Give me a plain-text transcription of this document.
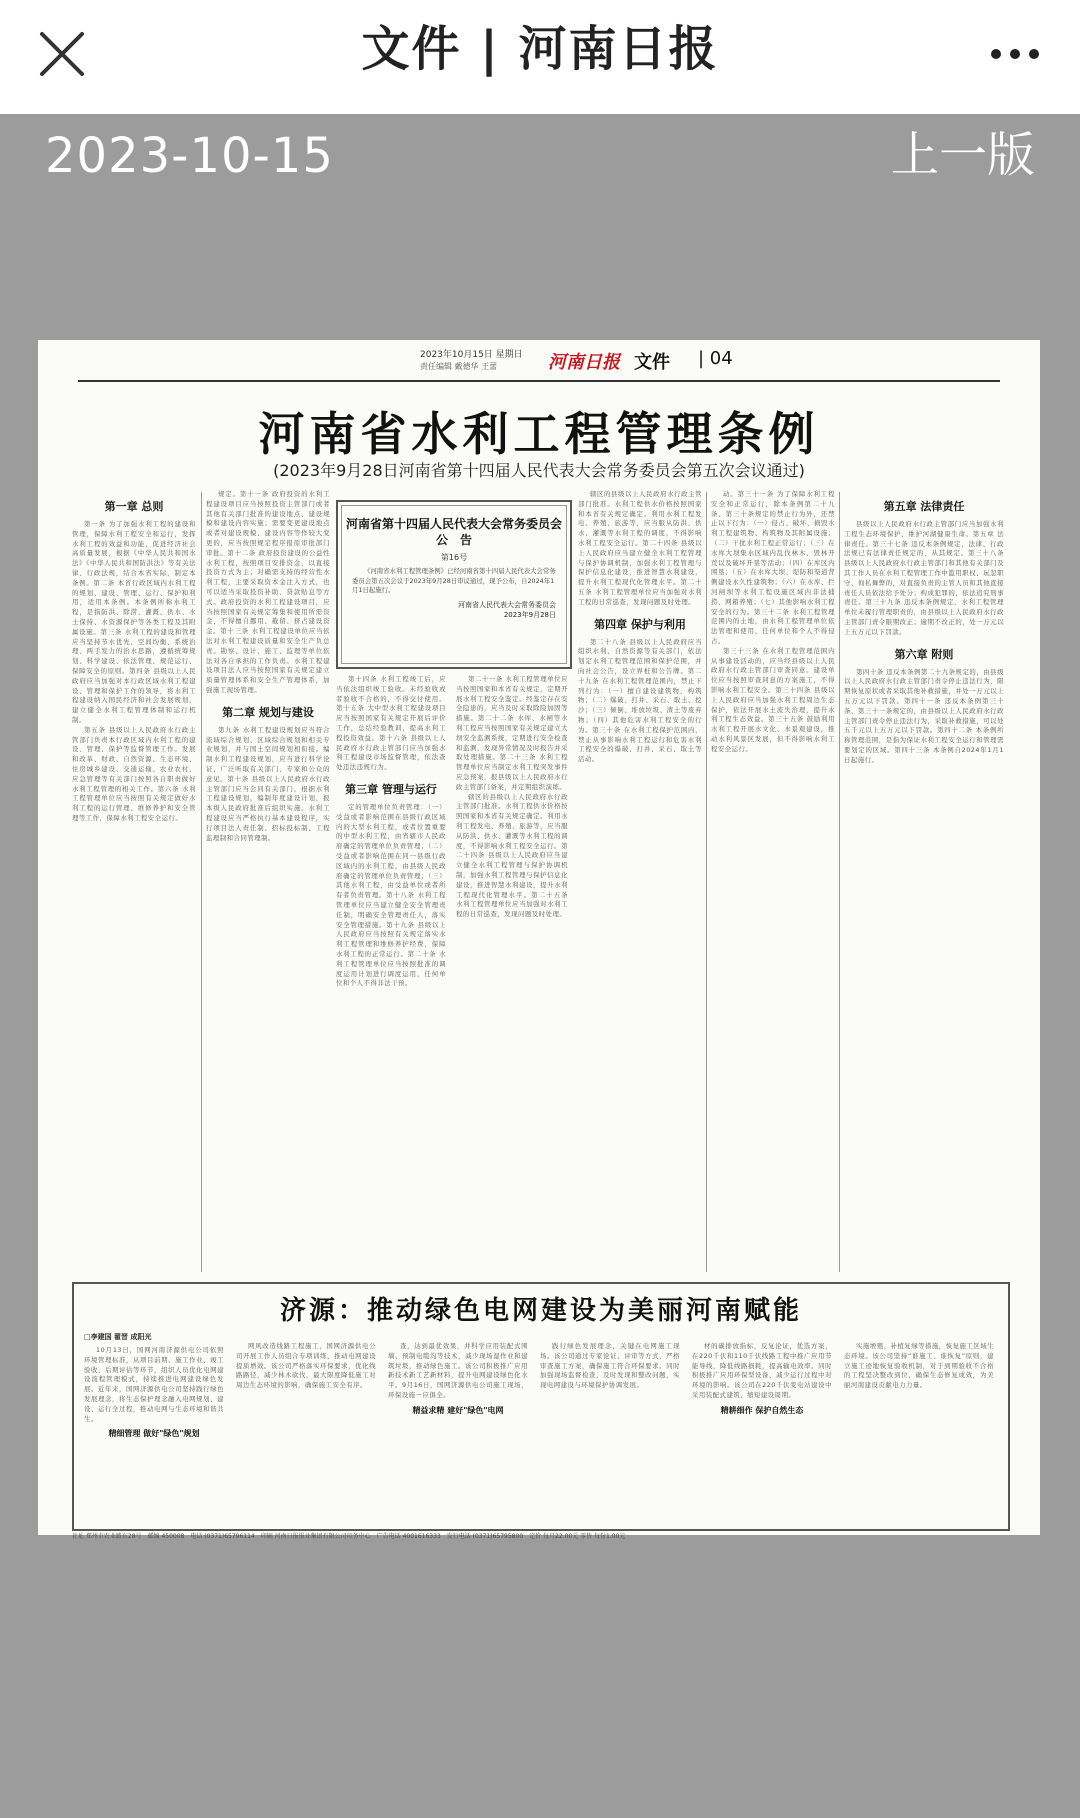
文件 | 河南日报
2023-10-15	上一版
2023年10月15日 星期日
责任编辑 戴德华 王蕾	河南日报 文件 | 04
河南省水利工程管理条例
(2023年9月28日河南省第十四届人民代表大会常务委员会第五次会议通过)
第一章 总则

第一条 为了加强水利工程的建设和管理，保障水利工程安全和运行，发挥水利工程的效益和功能，促进经济社会高质量发展，根据《中华人民共和国水法》《中华人民共和国防洪法》等有关法律、行政法规，结合本省实际，制定本条例。第二条 本省行政区域内水利工程的规划、建设、管理、运行、保护和利用，适用本条例。本条例所称水利工程，是指防洪、除涝、灌溉、供水、水土保持、水资源保护等各类工程及其附属设施。第三条 水利工程的建设和管理应当坚持节水优先、空间均衡、系统治理、两手发力的治水思路，遵循统筹规划、科学建设、依法管理、规范运行、保障安全的原则。第四条 县级以上人民政府应当加强对本行政区域水利工程建设、管理和保护工作的领导，将水利工程建设纳入国民经济和社会发展规划，建立健全水利工程管理体制和运行机制。

第五条 县级以上人民政府水行政主管部门负责本行政区域内水利工程的建设、管理、保护等监督管理工作。发展和改革、财政、自然资源、生态环境、住房城乡建设、交通运输、农业农村、应急管理等有关部门按照各自职责做好水利工程管理的相关工作。第六条 水利工程管理单位应当按照有关规定做好水利工程的运行管理、维修养护和安全管理等工作，保障水利工程安全运行。

规定。第十一条 政府投资的水利工程建设项目应当按照投资主管部门或者其他有关部门批准的建设地点、建设规模和建设内容实施；需要变更建设地点或者对建设规模、建设内容等作较大变更的，应当按照规定程序报原审批部门审批。第十二条 政府投资建设的公益性水利工程，按照项目安排资金，以直接投资方式为主；对确需支持的经营性水利工程，主要采取资本金注入方式，也可以适当采取投资补助、贷款贴息等方式。政府投资的水利工程建设项目，应当按照国家有关规定筹集和使用所需资金，不得擅自挪用、截留、挤占建设资金。第十三条 水利工程建设单位应当依法对水利工程建设质量和安全生产负总责。勘察、设计、施工、监理等单位依法对各自承担的工作负责。水利工程建设项目法人应当按照国家有关规定建立质量管理体系和安全生产管理体系，加强施工现场管理。

第二章 规划与建设

第九条 水利工程建设规划应当符合流域综合规划、区域综合规划和相关专业规划，并与国土空间规划相衔接。编制水利工程建设规划，应当进行科学论证，广泛听取有关部门、专家和公众的意见。第十条 县级以上人民政府水行政主管部门应当会同有关部门，根据水利工程建设规划，编制年度建设计划，报本级人民政府批准后组织实施。水利工程建设应当严格执行基本建设程序，实行项目法人责任制、招标投标制、工程监理制和合同管理制。

第十四条 水利工程竣工后，应当依法组织竣工验收。未经验收或者验收不合格的，不得交付使用。第十五条 大中型水利工程建设项目应当按照国家有关规定开展后评价工作，总结经验教训，提高水利工程投资效益。第十六条 县级以上人民政府水行政主管部门应当加强水利工程建设市场监督管理，依法查处违法违规行为。

第三章 管理与运行

定的管理单位负责管理：（一）受益或者影响范围在县级行政区域内的大型水利工程，或者位置重要的中型水利工程，由省辖市人民政府确定的管理单位负责管理；（二）受益或者影响范围在同一县级行政区域内的水利工程，由县级人民政府确定的管理单位负责管理；（三）其他水利工程，由受益单位或者所有者负责管理。第十八条 水利工程管理单位应当建立健全安全管理责任制，明确安全管理责任人，落实安全管理措施。第十九条 县级以上人民政府应当按照有关规定落实水利工程管理和维修养护经费，保障水利工程的正常运行。第二十条 水利工程管理单位应当按照批准的调度运用计划进行调度运用，任何单位和个人不得非法干预。

第二十一条 水利工程管理单位应当按照国家和本省有关规定，定期开展水利工程安全鉴定。经鉴定存在安全隐患的，应当及时采取除险加固等措施。第二十二条 水库、水闸等水利工程应当按照国家有关规定建立大坝安全监测系统，定期进行安全检查和监测，发现异常情况及时报告并采取处理措施。第二十三条 水利工程管理单位应当制定水利工程突发事件应急预案，报县级以上人民政府水行政主管部门备案，并定期组织演练。

辖区的县级以上人民政府水行政主管部门批准。水利工程供水价格按照国家和本省有关规定确定。利用水利工程发电、养殖、旅游等，应当服从防洪、供水、灌溉等水利工程的调度，不得影响水利工程安全运行。第二十四条 县级以上人民政府应当建立健全水利工程管理与保护协调机制，加强水利工程管理与保护信息化建设，推进智慧水利建设，提升水利工程现代化管理水平。第二十五条 水利工程管理单位应当加强对水利工程的日常巡查，发现问题及时处理。

河南省第十四届人民代表大会常务委员会公　告
第16号
《河南省水利工程管理条例》已经河南省第十四届人民代表大会常务委员会第五次会议于2023年9月28日审议通过，现予公布，自2024年1月1日起施行。
河南省人民代表大会常务委员会
2023年9月28日

辖区的县级以上人民政府水行政主管部门批准。水利工程供水价格按照国家和本省有关规定确定。利用水利工程发电、养殖、旅游等，应当服从防洪、供水、灌溉等水利工程的调度，不得影响水利工程安全运行。第二十四条 县级以上人民政府应当建立健全水利工程管理与保护协调机制，加强水利工程管理与保护信息化建设，推进智慧水利建设，提升水利工程现代化管理水平。第二十五条 水利工程管理单位应当加强对水利工程的日常巡查，发现问题及时处理。

第四章 保护与利用

第二十八条 县级以上人民政府应当组织水利、自然资源等有关部门，依法划定水利工程管理范围和保护范围，并向社会公告，设立界桩和公告牌。第二十九条 在水利工程管理范围内，禁止下列行为：（一）擅自建设建筑物、构筑物；（二）爆破、打井、采石、取土、挖沙；（三）倾倒、堆放垃圾、渣土等废弃物；（四）其他危害水利工程安全的行为。第三十条 在水利工程保护范围内，禁止从事影响水利工程运行和危害水利工程安全的爆破、打井、采石、取土等活动。

动。第三十一条 为了保障水利工程安全和正常运行，除本条例第二十九条、第三十条规定的禁止行为外，还禁止以下行为：（一）侵占、破坏、损毁水利工程建筑物、构筑物及其附属设施；（二）干扰水利工程正常运行；（三）在水库大坝集水区域内乱伐林木、毁林开荒以及破坏开垦等活动；（四）在库区内围垦；（五）在水库大坝、堤防和渠道背侧建设永久性建筑物；（六）在水库、拦河闸坝等水利工程设施区域内非法捕捞、网箱养殖；（七）其他影响水利工程安全的行为。第三十二条 水利工程管理范围内的土地，由水利工程管理单位依法管理和使用，任何单位和个人不得侵占。

第三十三条 在水利工程管理范围内从事建设活动的，应当经县级以上人民政府水行政主管部门审查同意。建设单位应当按照审查同意的方案施工，不得影响水利工程安全。第三十四条 县级以上人民政府应当加强水利工程周边生态保护，依法开展水土流失治理，提升水利工程生态效益。第三十五条 鼓励利用水利工程开展水文化、水景观建设，推动水利风景区发展，但不得影响水利工程安全运行。

第五章 法律责任

县级以上人民政府水行政主管部门应当加强水利工程生态环境保护，维护河湖健康生命。第五章 法律责任。第三十七条 违反本条例规定，法律、行政法规已有法律责任规定的，从其规定。第三十八条 县级以上人民政府水行政主管部门和其他有关部门及其工作人员在水利工程管理工作中滥用职权、玩忽职守、徇私舞弊的，对直接负责的主管人员和其他直接责任人员依法给予处分；构成犯罪的，依法追究刑事责任。第三十九条 违反本条例规定，水利工程管理单位未履行管理职责的，由县级以上人民政府水行政主管部门责令限期改正；逾期不改正的，处一万元以上五万元以下罚款。

第六章 附则

第四十条 违反本条例第二十九条规定的，由县级以上人民政府水行政主管部门责令停止违法行为，限期恢复原状或者采取其他补救措施，并处一万元以上五万元以下罚款。第四十一条 违反本条例第三十条、第三十一条规定的，由县级以上人民政府水行政主管部门责令停止违法行为，采取补救措施，可以处五千元以上五万元以下罚款。第四十二条 本条例所称管理范围，是指为保证水利工程安全运行和管理需要划定的区域。第四十三条 本条例自2024年1月1日起施行。

济源：推动绿色电网建设为美丽河南赋能
□李建国 翟晋 成阳光

10月13日，国网河南济源供电公司依照环境管理标准，从项目前期、施工作业、竣工验收、后期评估等环节，组织人员优化电网建设流程管理模式，持续推进电网建设绿色发展。近年来，国网济源供电公司坚持践行绿色发展理念，将生态保护理念融入电网规划、建设、运行全过程，推动电网与生态环境和谐共生。

精细管理 做好"绿色"规划

网风改造线路工程施工，国网济源供电公司开展工作人员组合专项训练，推动电网建设提质增效。该公司严格落实环保要求，优化线路路径，减少林木砍伐，最大限度降低施工对周边生态环境的影响，确保施工安全有序。

查，达到最优效果，并科学应用装配式围墙、预制电缆沟等技术，减少现场湿作业和建筑垃圾，推动绿色施工。该公司积极推广应用新技术新工艺新材料，提升电网建设绿色化水平。9月16日，国网济源供电公司施工现场，环保设施一应俱全。

精益求精 建好"绿色"电网

践行绿色发展理念，关键在电网施工现场。该公司通过专家论证、评审等方式，严格审查施工方案，确保施工符合环保要求。同时加强现场监督检查，及时发现和整改问题，实现电网建设与环境保护协调发展。

材的碳排放指标，反复论证，优选方案，在220千伏和110千伏线路工程中推广应用节能导线，降低线路损耗，提高输电效率。同时积极推广应用环保型设备，减少运行过程中对环境的影响。该公司在220千伏变电站建设中采用装配式建筑，缩短建设周期。

精耕细作 保护自然生态

实施增殖、补植复绿等措施，恢复施工区域生态环境。该公司坚持“谁施工、谁恢复”原则，建立施工迹地恢复验收机制，对于到期验收不合格的工程坚决整改到位，确保生态修复成效，为美丽河南建设贡献电力力量。

社址 郑州市农业路东28号　邮编 450008　电话 (0371)65796114　印刷 河南日报报业集团有限公司印务中心　广告电话 4001616333　发行电话 (0371)65795800　定价 每月22.00元 零售 每份1.00元
